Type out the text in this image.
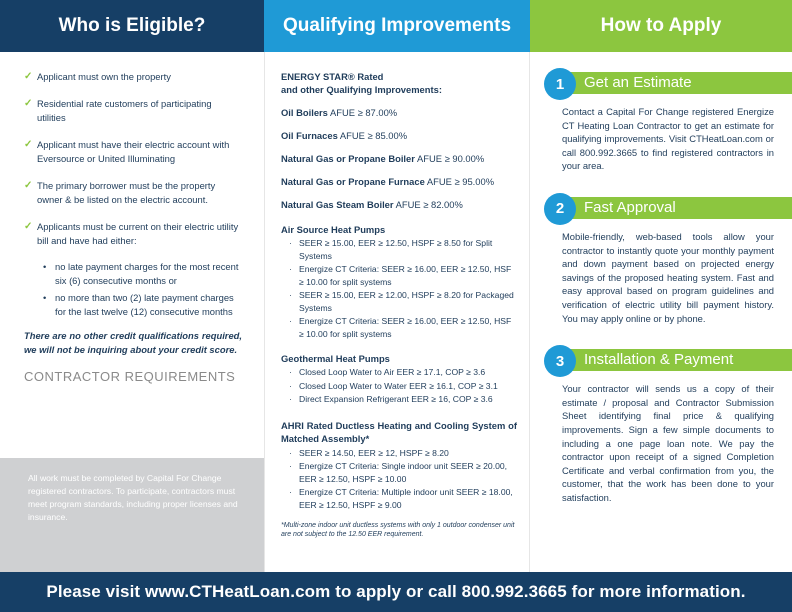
Who is Eligible?	Qualifying Improvements	How to Apply
✓ Applicant must own the property
✓ Residential rate customers of participating utilities
✓ Applicant must have their electric account with Eversource or United Illuminating
✓ The primary borrower must be the property owner & be listed on the electric account.
✓ Applicants must be current on their electric utility bill and have had either:
• no late payment charges for the most recent six (6) consecutive months or
• no more than two (2) late payment charges for the last twelve (12) consecutive months

There are no other credit qualifications required, we will not be inquiring about your credit score.

CONTRACTOR REQUIREMENTS
All work must be completed by Capital For Change registered contractors. To participate, contractors must meet program standards, including proper licenses and insurance.
ENERGY STAR® Rated
and other Qualifying Improvements:
Oil Boilers AFUE ≥ 87.00%
Oil Furnaces AFUE ≥ 85.00%
Natural Gas or Propane Boiler AFUE ≥ 90.00%
Natural Gas or Propane Furnace AFUE ≥ 95.00%
Natural Gas Steam Boiler AFUE ≥ 82.00%
Air Source Heat Pumps
· SEER ≥ 15.00, EER ≥ 12.50, HSPF ≥ 8.50 for Split Systems
· Energize CT Criteria: SEER ≥ 16.00, EER ≥ 12.50, HSF ≥ 10.00 for split systems
· SEER ≥ 15.00, EER ≥ 12.00, HSPF ≥ 8.20 for Packaged Systems
· Energize CT Criteria: SEER ≥ 16.00, EER ≥ 12.50, HSF ≥ 10.00 for split systems
Geothermal Heat Pumps
· Closed Loop Water to Air EER ≥ 17.1, COP ≥ 3.6
· Closed Loop Water to Water EER ≥ 16.1, COP ≥ 3.1
· Direct Expansion Refrigerant EER ≥ 16, COP ≥ 3.6
AHRI Rated Ductless Heating and Cooling System of Matched Assembly*
· SEER ≥ 14.50, EER ≥ 12, HSPF ≥ 8.20
· Energize CT Criteria: Single indoor unit SEER ≥ 20.00, EER ≥ 12.50, HSPF ≥ 10.00
· Energize CT Criteria: Multiple indoor unit SEER ≥ 18.00, EER ≥ 12.50, HSPF ≥ 9.00

*Multi-zone indoor unit ductless systems with only 1 outdoor condenser unit are not subject to the 12.50 EER requirement.

1	Get an Estimate

Contact a Capital For Change registered Energize CT Heating Loan Contractor to get an estimate for qualifying improvements. Visit CTHeatLoan.com or call 800.992.3665 to find registered contractors in your area.

2	Fast Approval

Mobile-friendly, web-based tools allow your contractor to instantly quote your monthly payment and down payment based on projected energy savings of the proposed heating system. Fast and easy approval based on program guidelines and verification of electric utility bill payment history. You may apply online or by phone.

3	Installation & Payment

Your contractor will sends us a copy of their estimate / proposal and Contractor Submission Sheet identifying final price & qualifying improvements. Sign a few simple documents to including a one page loan note. We pay the contractor upon receipt of a signed Completion Certificate and verbal confirmation from you, the customer, that the work has been done to your satisfaction.

Please visit www.CTHeatLoan.com to apply or call 800.992.3665 for more information.
